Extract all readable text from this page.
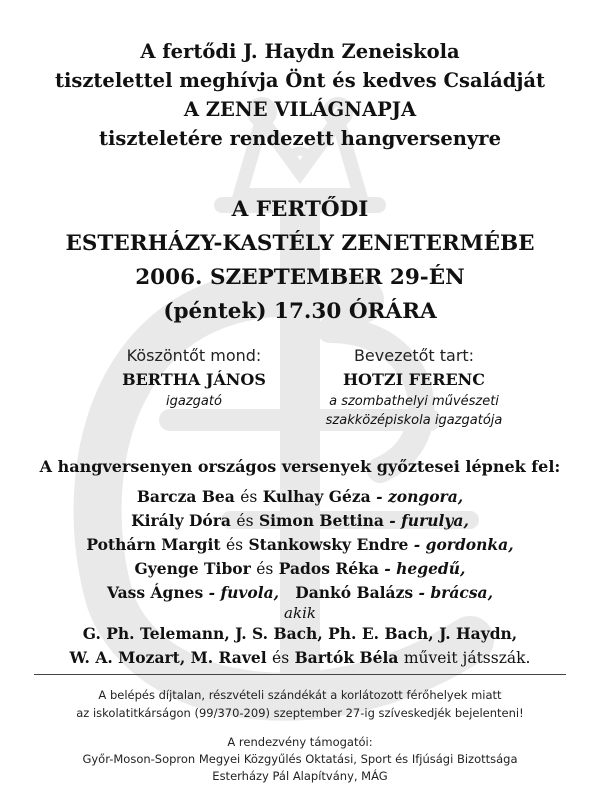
A fertődi J. Haydn Zeneiskola
tisztelettel meghívja Önt és kedves Családját
A ZENE VILÁGNAPJA
tiszteletére rendezett hangversenyre
A FERTŐDI
ESTERHÁZY-KASTÉLY ZENETERMÉBE
2006. SZEPTEMBER 29-ÉN
(péntek) 17.30 ÓRÁRA
Köszöntőt mond:
BERTHA JÁNOS
igazgató
Bevezetőt tart:
HOTZI FERENC
a szombathelyi művészeti
szakközépiskola igazgatója
A hangversenyen országos versenyek győztesei lépnek fel:
Barcza Bea és Kulhay Géza - zongora,
Király Dóra és Simon Bettina - furulya,
Pothárn Margit és Stankowsky Endre - gordonka,
Gyenge Tibor és Pados Réka - hegedű,
Vass Ágnes - fuvola, Dankó Balázs - brácsa,
akik
G. Ph. Telemann, J. S. Bach, Ph. E. Bach, J. Haydn,
W. A. Mozart, M. Ravel és Bartók Béla műveit játsszák.
A belépés díjtalan, részvételi szándékát a korlátozott férőhelyek miatt
az iskolatitkárságon (99/370-209) szeptember 27-ig szíveskedjék bejelenteni!
A rendezvény támogatói:
Győr-Moson-Sopron Megyei Közgyűlés Oktatási, Sport és Ifjúsági Bizottsága
Esterházy Pál Alapítvány, MÁG
